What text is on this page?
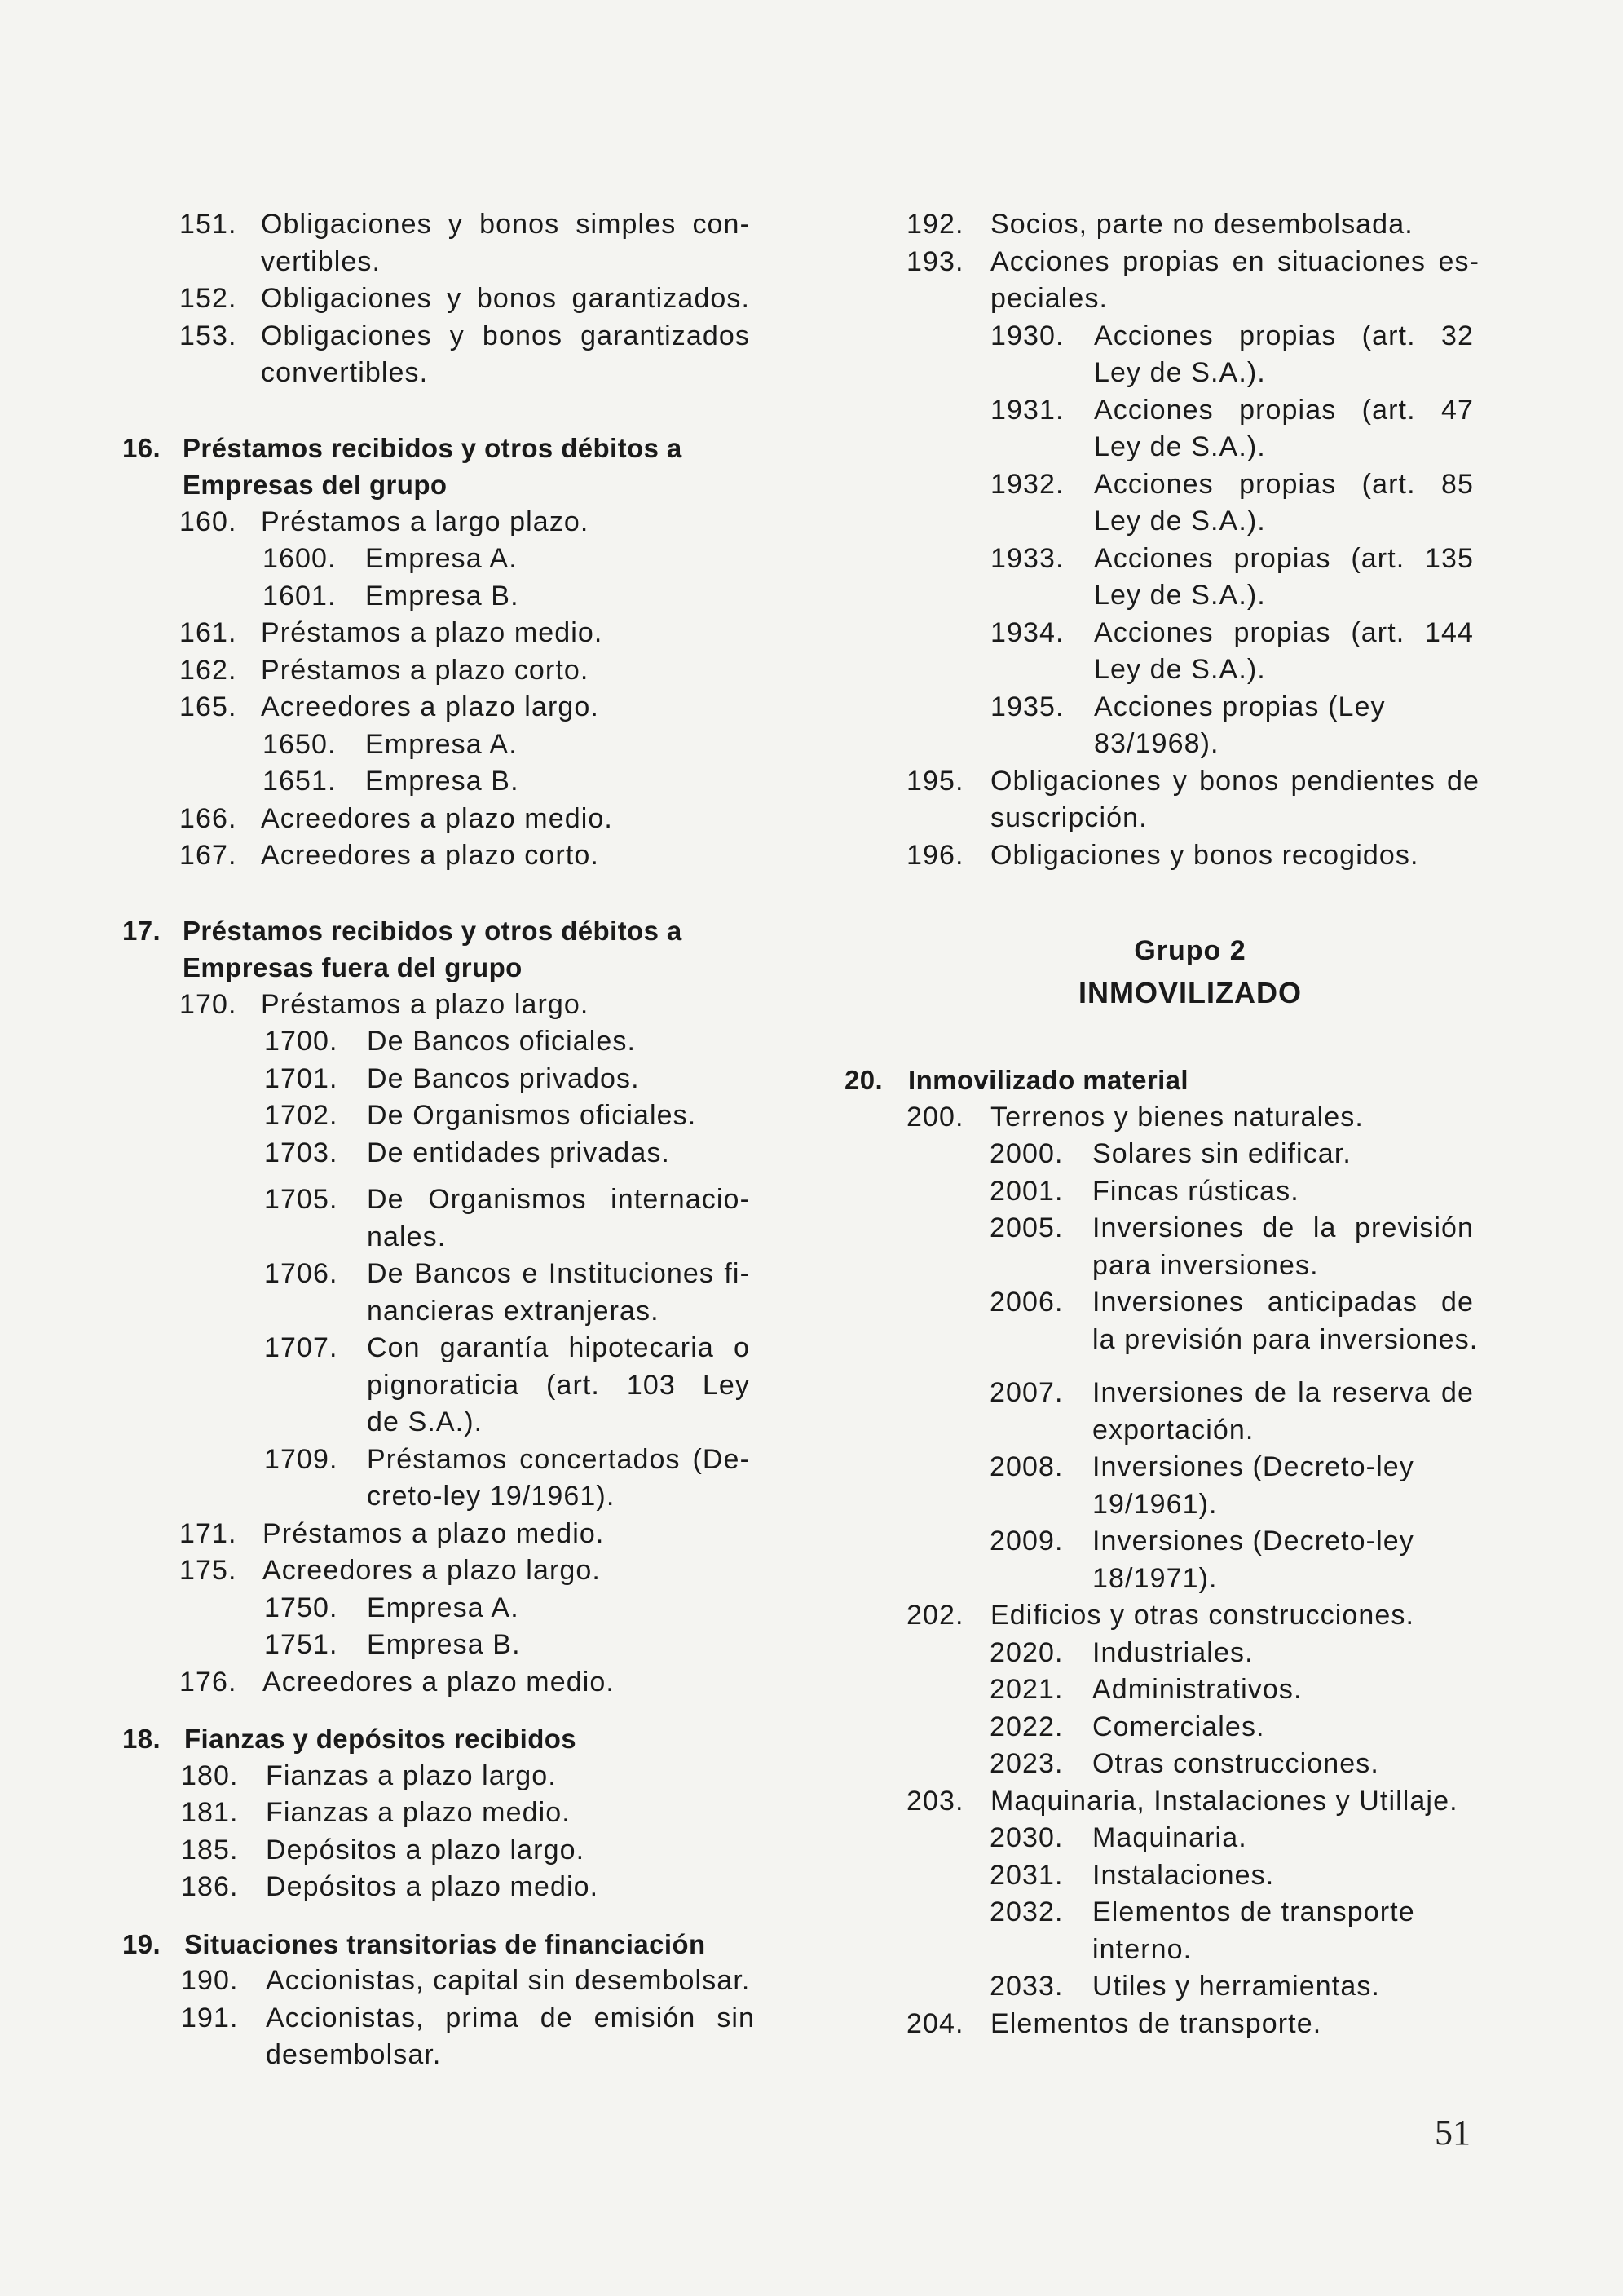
151. Obligaciones y bonos simples con-
vertibles.
152. Obligaciones y bonos garantizados.
153. Obligaciones y bonos garantizados
convertibles.
16. Préstamos recibidos y otros débitos a
Empresas del grupo
160. Préstamos a largo plazo.
1600. Empresa A.
1601. Empresa B.
161. Préstamos a plazo medio.
162. Préstamos a plazo corto.
165. Acreedores a plazo largo.
1650. Empresa A.
1651. Empresa B.
166. Acreedores a plazo medio.
167. Acreedores a plazo corto.
17. Préstamos recibidos y otros débitos a
Empresas fuera del grupo
170. Préstamos a plazo largo.
1700. De Bancos oficiales.
1701. De Bancos privados.
1702. De Organismos oficiales.
1703. De entidades privadas.
1705. De Organismos internacio-
nales.
1706. De Bancos e Instituciones fi-
nancieras extranjeras.
1707. Con garantía hipotecaria o
pignoraticia (art. 103 Ley
de S.A.).
1709. Préstamos concertados (De-
creto-ley 19/1961).
171. Préstamos a plazo medio.
175. Acreedores a plazo largo.
1750. Empresa A.
1751. Empresa B.
176. Acreedores a plazo medio.
18. Fianzas y depósitos recibidos
180. Fianzas a plazo largo.
181. Fianzas a plazo medio.
185. Depósitos a plazo largo.
186. Depósitos a plazo medio.
19. Situaciones transitorias de financiación
190. Accionistas, capital sin desembolsar.
191. Accionistas, prima de emisión sin
desembolsar.
192. Socios, parte no desembolsada.
193. Acciones propias en situaciones es-
peciales.
1930. Acciones propias (art. 32
Ley de S.A.).
1931. Acciones propias (art. 47
Ley de S.A.).
1932. Acciones propias (art. 85
Ley de S.A.).
1933. Acciones propias (art. 135
Ley de S.A.).
1934. Acciones propias (art. 144
Ley de S.A.).
1935. Acciones propias (Ley
83/1968).
195. Obligaciones y bonos pendientes de
suscripción.
196. Obligaciones y bonos recogidos.
Grupo 2
INMOVILIZADO
20. Inmovilizado material
200. Terrenos y bienes naturales.
2000. Solares sin edificar.
2001. Fincas rústicas.
2005. Inversiones de la previsión
para inversiones.
2006. Inversiones anticipadas de
la previsión para inversiones.
2007. Inversiones de la reserva de
exportación.
2008. Inversiones (Decreto-ley
19/1961).
2009. Inversiones (Decreto-ley
18/1971).
202. Edificios y otras construcciones.
2020. Industriales.
2021. Administrativos.
2022. Comerciales.
2023. Otras construcciones.
203. Maquinaria, Instalaciones y Utillaje.
2030. Maquinaria.
2031. Instalaciones.
2032. Elementos de transporte
interno.
2033. Utiles y herramientas.
204. Elementos de transporte.
51
